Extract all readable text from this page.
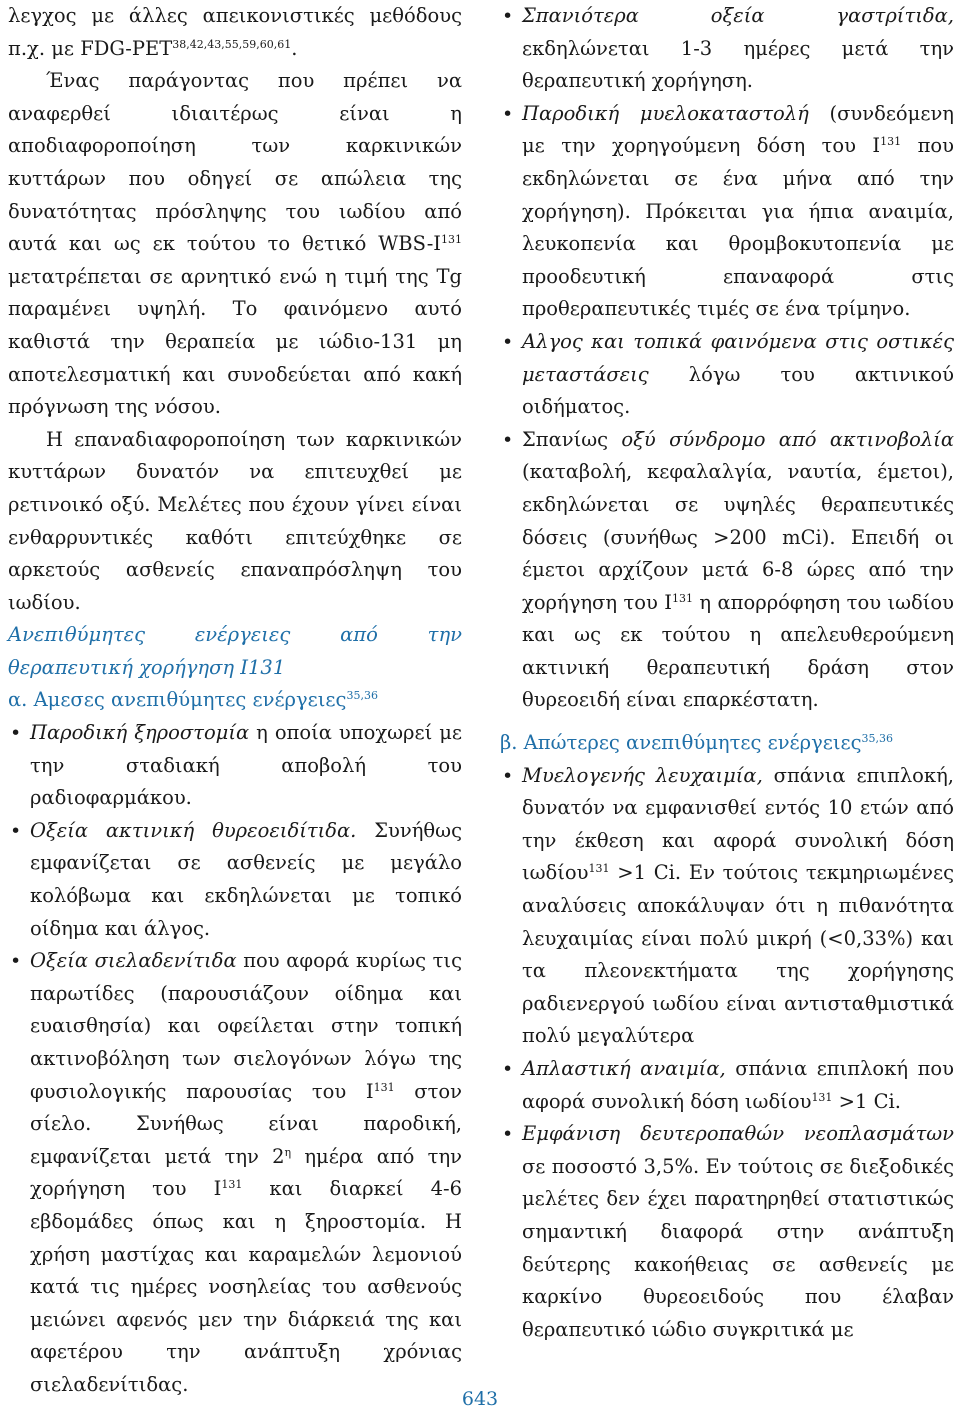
λεγχος με άλλες απεικονιστικές μεθόδους π.χ. με FDG-PET$^{38,42,43,55,59,60,61}$.

Ένας παράγοντας που πρέπει να αναφερθεί ιδιαιτέρως είναι η αποδιαφοροποίηση των καρκινικών κυττάρων που οδηγεί σε απώλεια της δυνατότητας πρόσληψης του ιωδίου από αυτά και ως εκ τούτου το θετικό WBS-$I^{131}$ μετατρέπεται σε αρνητικό ενώ η τιμή της Tg παραμένει υψηλή. Το φαινόμενο αυτό καθιστά την θεραπεία με ιώδιο-131 μη αποτελεσματική και συνοδεύεται από κακή πρόγνωση της νόσου.

Η επαναδιαφοροποίηση των καρκινικών κυττάρων δυνατόν να επιτευχθεί με ρετινοικό οξύ. Μελέτες που έχουν γίνει είναι ενθαρρυντικές καθότι επιτεύχθηκε σε αρκετούς ασθενείς επαναπρόσληψη του ιωδίου.

Ανεπιθύμητες ενέργειες από την θεραπευτική χορήγηση I131

α. Αμεσες ανεπιθύμητες ενέργειες$^{35,36}$

• Παροδική ξηροστομία η οποία υποχωρεί με την σταδιακή αποβολή του ραδιοφαρμάκου.
• Οξεία ακτινική θυρεοειδίτιδα. Συνήθως εμφανίζεται σε ασθενείς με μεγάλο κολόβωμα και εκδηλώνεται με τοπικό οίδημα και άλγος.
• Οξεία σιελαδενίτιδα που αφορά κυρίως τις παρωτίδες (παρουσιάζουν οίδημα και ευαισθησία) και οφείλεται στην τοπική ακτινοβόληση των σιελογόνων λόγω της φυσιολογικής παρουσίας του $I^{131}$ στον σίελο. Συνήθως είναι παροδική, εμφανίζεται μετά την $2^\eta$ ημέρα από την χορήγηση του $I^{131}$ και διαρκεί 4-6 εβδομάδες όπως και η ξηροστομία. Η χρήση μαστίχας και καραμελών λεμονιού κατά τις ημέρες νοσηλείας του ασθενούς μειώνει αφενός μεν την διάρκειά της και αφετέρου την ανάπτυξη χρόνιας σιελαδενίτιδας.
• Σπανιότερα οξεία γαστρίτιδα, εκδηλώνεται 1-3 ημέρες μετά την θεραπευτική χορήγηση.
• Παροδική μυελοκαταστολή (συνδεόμενη με την χορηγούμενη δόση του $I^{131}$ που εκδηλώνεται σε ένα μήνα από την χορήγηση). Πρόκειται για ήπια αναιμία, λευκοπενία και θρομβοκυτοπενία με προοδευτική επαναφορά στις προθεραπευτικές τιμές σε ένα τρίμηνο.
• Αλγος και τοπικά φαινόμενα στις οστικές μεταστάσεις λόγω του ακτινικού οιδήματος.
• Σπανίως οξύ σύνδρομο από ακτινοβολία (καταβολή, κεφαλαλγία, ναυτία, έμετοι), εκδηλώνεται σε υψηλές θεραπευτικές δόσεις (συνήθως >200 mCi). Επειδή οι έμετοι αρχίζουν μετά 6-8 ώρες από την χορήγηση του $I^{131}$ η απορρόφηση του ιωδίου και ως εκ τούτου η απελευθερούμενη ακτινική θεραπευτική δράση στον θυρεοειδή είναι επαρκέστατη.

β. Απώτερες ανεπιθύμητες ενέργειες$^{35,36}$

• Μυελογενής λευχαιμία, σπάνια επιπλοκή, δυνατόν να εμφανισθεί εντός 10 ετών από την έκθεση και αφορά συνολική δόση ιωδίου$^{131}$ >1 Ci. Εν τούτοις τεκμηριωμένες αναλύσεις αποκάλυψαν ότι η πιθανότητα λευχαιμίας είναι πολύ μικρή (<0,33%) και τα πλεονεκτήματα της χορήγησης ραδιενεργού ιωδίου είναι αντισταθμιστικά πολύ μεγαλύτερα
• Απλαστική αναιμία, σπάνια επιπλοκή που αφορά συνολική δόση ιωδίου$^{131}$ >1 Ci.
• Εμφάνιση δευτεροπαθών νεοπλασμάτων σε ποσοστό 3,5%. Εν τούτοις σε διεξοδικές μελέτες δεν έχει παρατηρηθεί στατιστικώς σημαντική διαφορά στην ανάπτυξη δεύτερης κακοήθειας σε ασθενείς με καρκίνο θυρεοειδούς που έλαβαν θεραπευτικό ιώδιο συγκριτικά με
643
